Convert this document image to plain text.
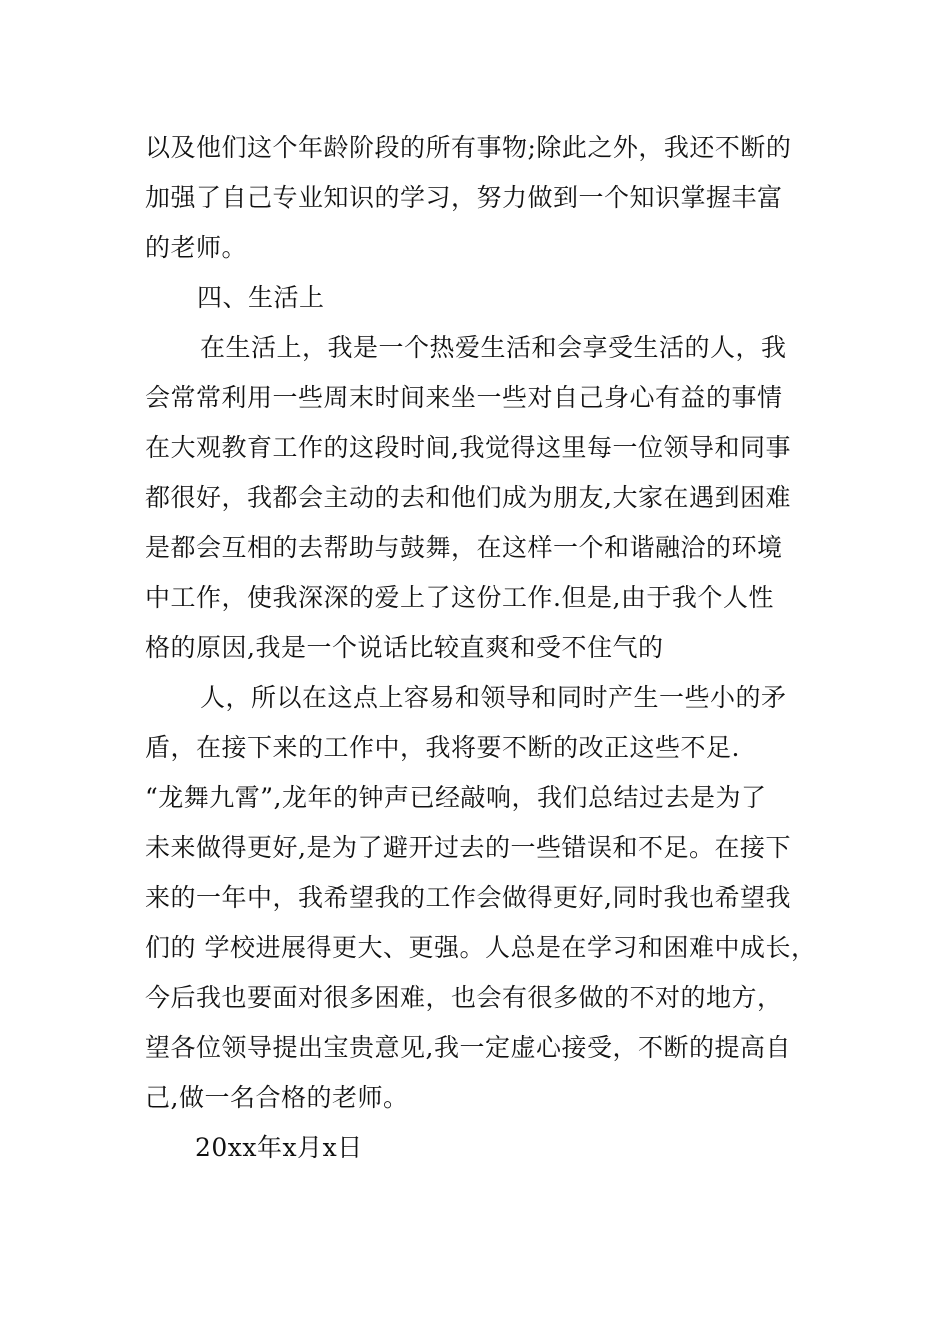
以及他们这个年龄阶段的所有事物;除此之外，我还不断的
加强了自己专业知识的学习，努力做到一个知识掌握丰富
的老师。
四、生活上
在生活上，我是一个热爱生活和会享受生活的人，我
会常常利用一些周末时间来坐一些对自己身心有益的事情
在大观教育工作的这段时间,我觉得这里每一位领导和同事
都很好，我都会主动的去和他们成为朋友,大家在遇到困难
是都会互相的去帮助与鼓舞，在这样一个和谐融洽的环境
中工作，使我深深的爱上了这份工作.但是,由于我个人性
格的原因,我是一个说话比较直爽和受不住气的
人，所以在这点上容易和领导和同时产生一些小的矛
盾，在接下来的工作中，我将要不断的改正这些不足.
“龙舞九霄”,龙年的钟声已经敲响，我们总结过去是为了
未来做得更好,是为了避开过去的一些错误和不足。在接下
来的一年中，我希望我的工作会做得更好,同时我也希望我
们的 学校进展得更大、更强。人总是在学习和困难中成长，
今后我也要面对很多困难，也会有很多做的不对的地方，
望各位领导提出宝贵意见,我一定虚心接受，不断的提高自
己,做一名合格的老师。
20xx年x月x日
